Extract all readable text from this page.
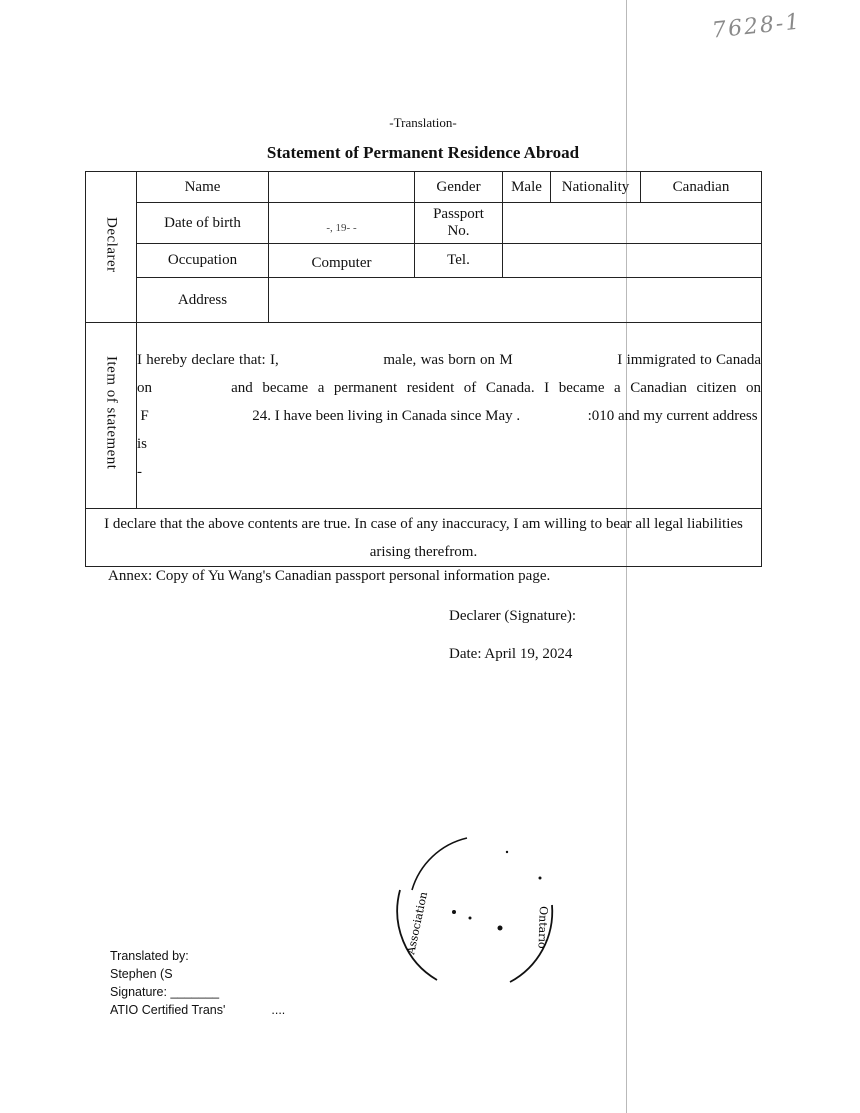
7628-1
-Translation-
Statement of Permanent Residence Abroad
Declarer	Name		Gender	Male	Nationality	Canadian
	Date of birth	-, 19- -	Passport No.			
	Occupation	Computer	Tel.			
	Address					
Item of statement	I hereby declare that: I, male, was born on M I immigrated to Canada
on and became a permanent resident of Canada. I became a Canadian citizen on
F 24. I have been living in Canada since May . :010 and my current address is
-					

I declare that the above contents are true. In case of any inaccuracy, I am willing to bear all legal liabilities arising therefrom.						
Annex: Copy of Yu Wang's Canadian passport personal information page.
Declarer (Signature):
Date: April 19, 2024
Association	Ontario
Translated by:
Stephen (S
Signature: _______
ATIO Certified Trans'	....
